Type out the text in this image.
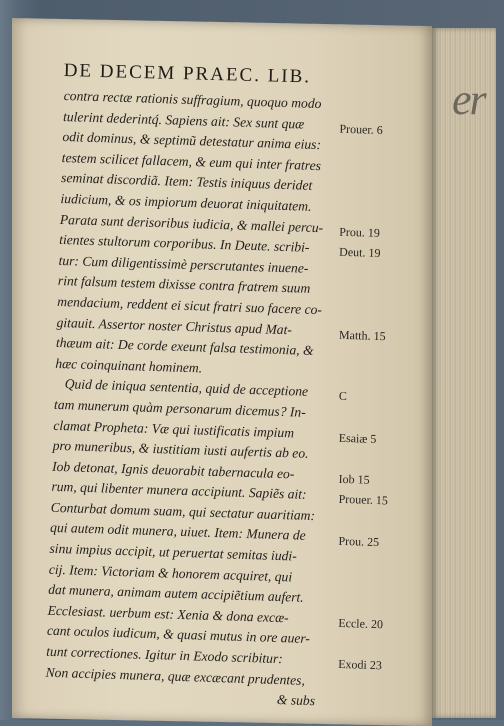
er
DE DECEM PRAEC. LIB.
contra rectæ rationis suffragium, quoquo modo
tulerint dederintq́. Sapiens ait: Sex sunt quæ
odit dominus, & septimũ detestatur anima eius:
testem scilicet fallacem, & eum qui inter fratres
seminat discordiã. Item: Testis iniquus deridet
iudicium, & os impiorum deuorat iniquitatem.
Parata sunt derisoribus iudicia, & mallei percu-
tientes stultorum corporibus. In Deute. scribi-
tur: Cum diligentissimè perscrutantes inuene-
rint falsum testem dixisse contra fratrem suum
mendacium, reddent ei sicut fratri suo facere co-
gitauit. Assertor noster Christus apud Mat-
thæum ait: De corde exeunt falsa testimonia, &
hæc coinquinant hominem.
Quid de iniqua sententia, quid de acceptione
tam munerum quàm personarum dicemus? In-
clamat Propheta: Væ qui iustificatis impium
pro muneribus, & iustitiam iusti aufertis ab eo.
Iob detonat, Ignis deuorabit tabernacula eo-
rum, qui libenter munera accipiunt. Sapiẽs ait:
Conturbat domum suam, qui sectatur auaritiam:
qui autem odit munera, uiuet. Item: Munera de
sinu impius accipit, ut peruertat semitas iudi-
cij. Item: Victoriam & honorem acquiret, qui
dat munera, animam autem accipiẽtium aufert.
Ecclesiast. uerbum est: Xenia & dona excæ-
cant oculos iudicum, & quasi mutus in ore auer-
tunt correctiones. Igitur in Exodo scribitur:
Non accipies munera, quæ excæcant prudentes,
& subs
Prouer. 6
Prou. 19
Deut. 19
Matth. 15
C
Esaiæ 5
Iob 15
Prouer. 15
Prou. 25
Eccle. 20
Exodi 23
